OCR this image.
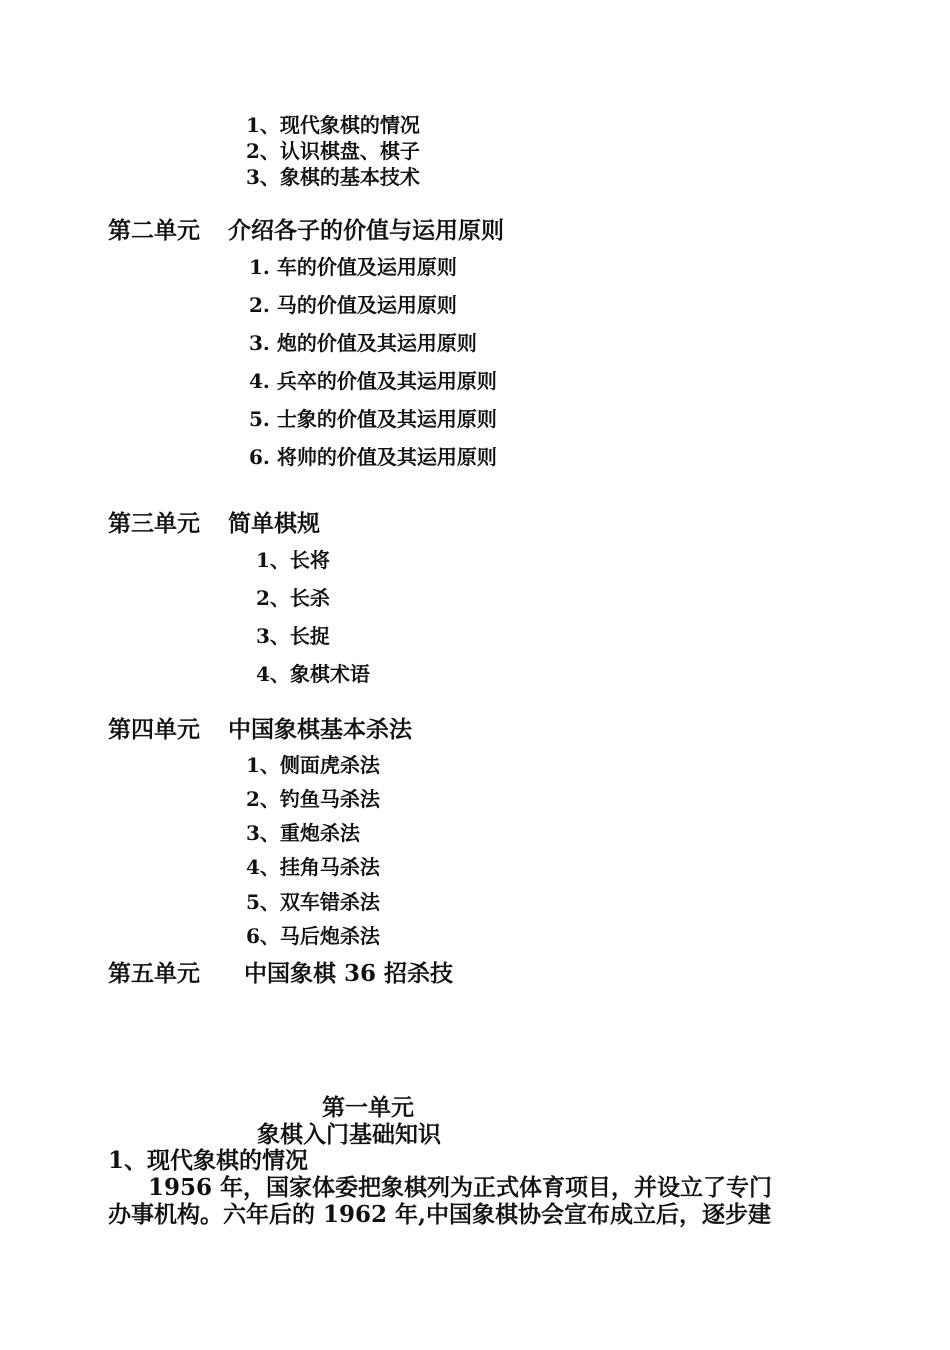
1、现代象棋的情况
2、认识棋盘、棋子
3、象棋的基本技术
第二单元 介绍各子的价值与运用原则
1. 车的价值及运用原则
2. 马的价值及运用原则
3. 炮的价值及其运用原则
4. 兵卒的价值及其运用原则
5. 士象的价值及其运用原则
6. 将帅的价值及其运用原则
第三单元 简单棋规
1、长将
2、长杀
3、长捉
4、象棋术语
第四单元 中国象棋基本杀法
1、侧面虎杀法
2、钓鱼马杀法
3、重炮杀法
4、挂角马杀法
5、双车错杀法
6、马后炮杀法
第五单元 中国象棋 36 招杀技
第一单元
象棋入门基础知识
1、现代象棋的情况
1956 年，国家体委把象棋列为正式体育项目，并设立了专门
办事机构。六年后的 1962 年,中国象棋协会宣布成立后，逐步建
